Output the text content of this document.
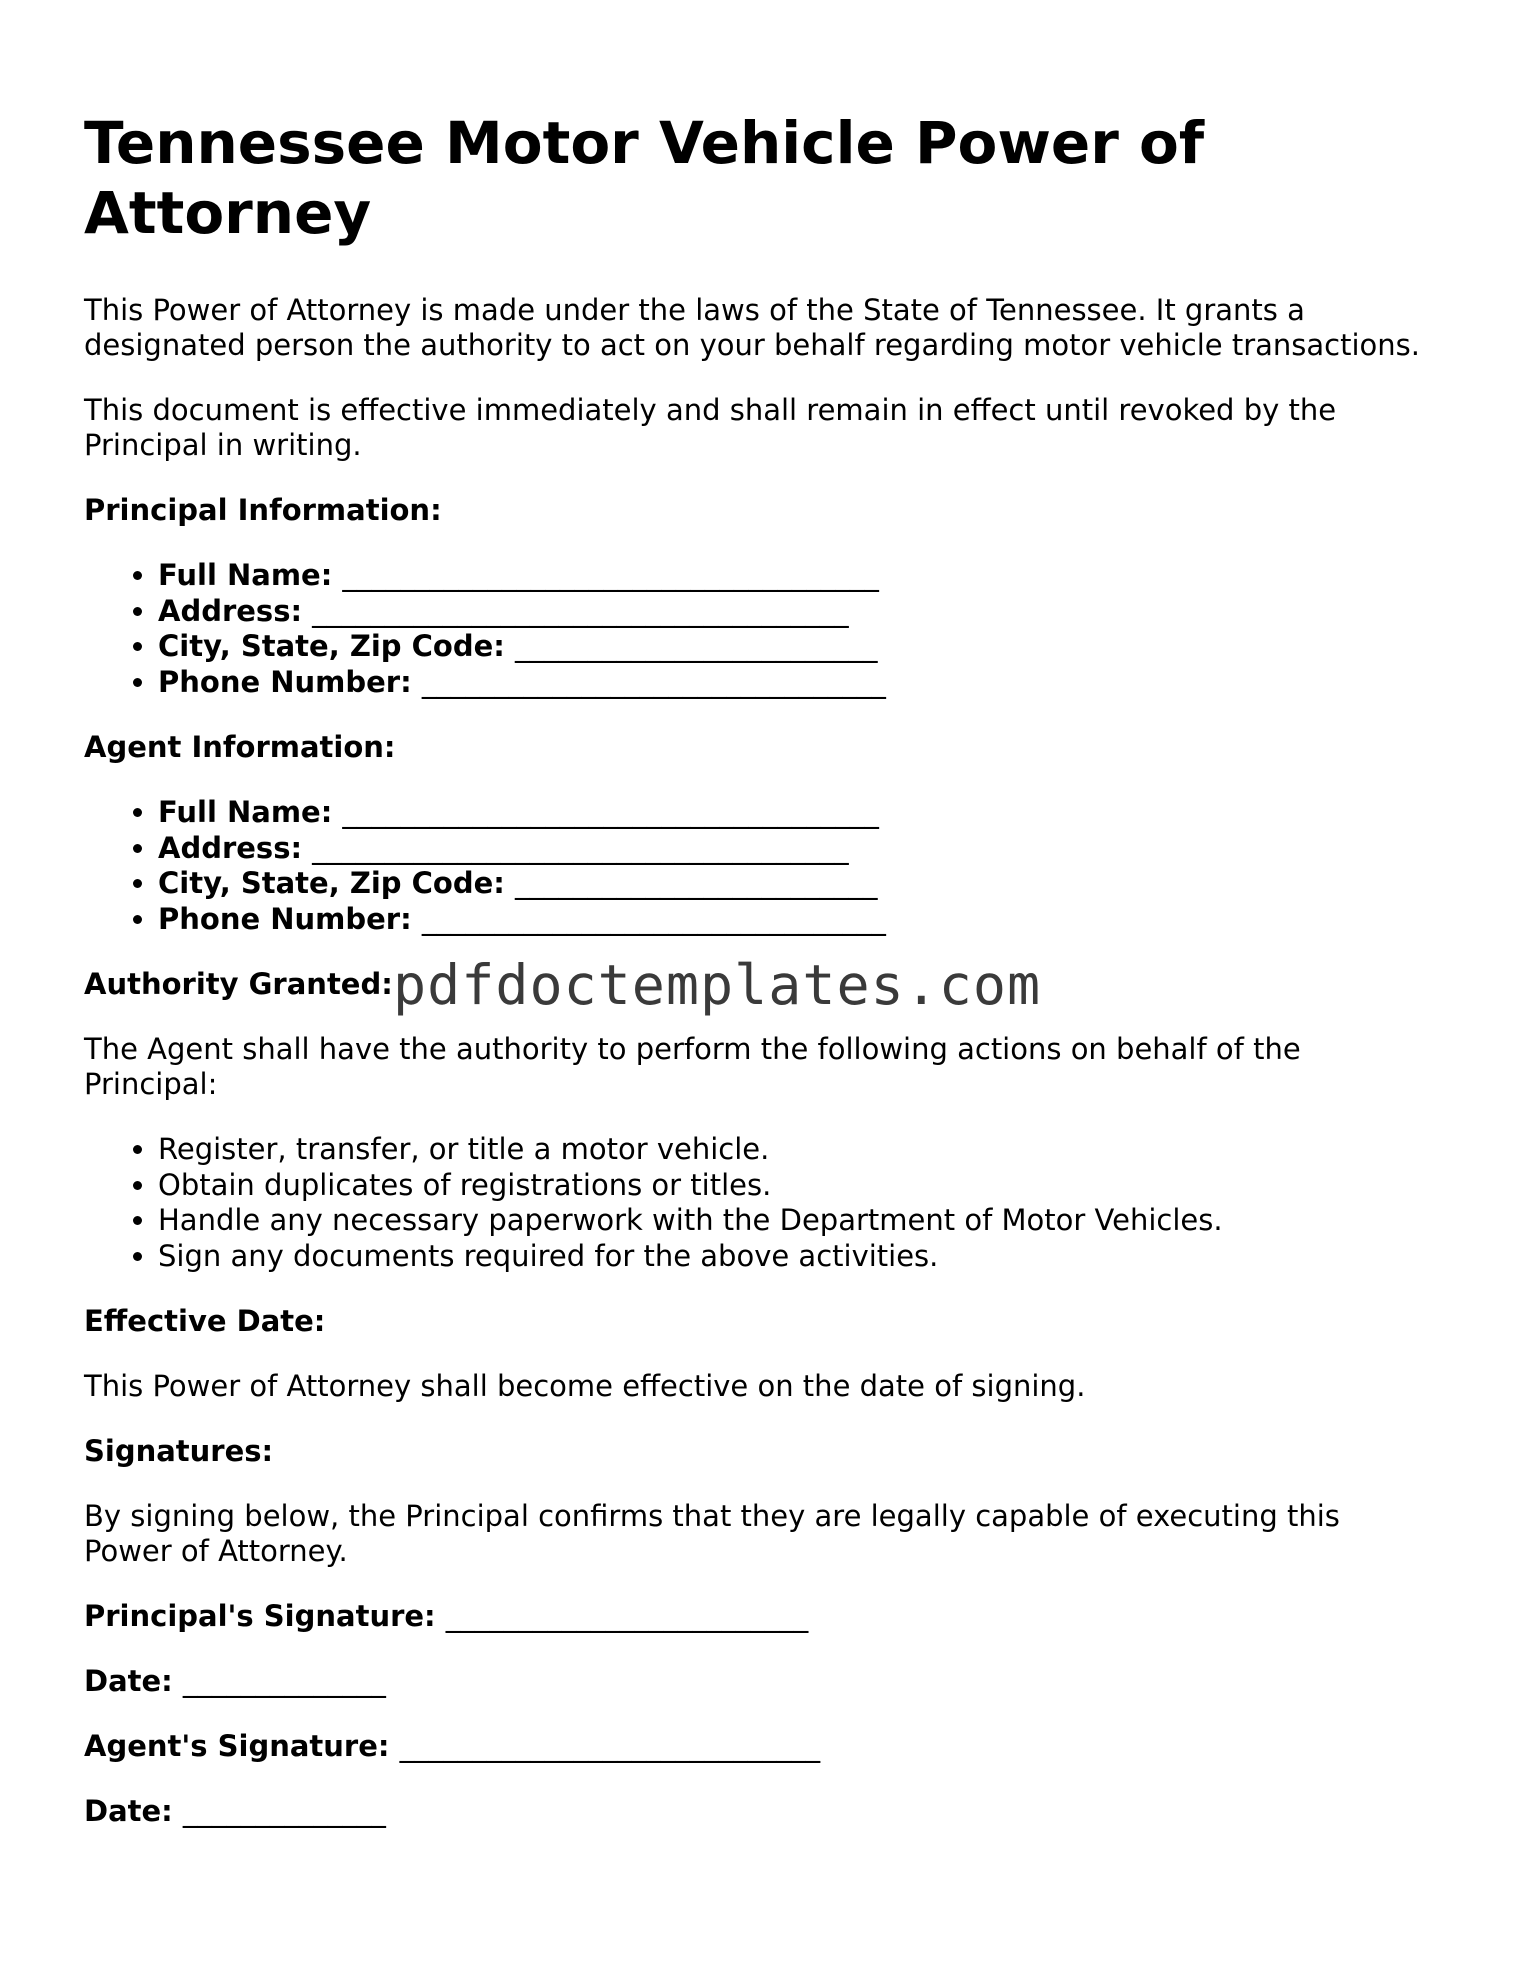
Tennessee Motor Vehicle Power of Attorney

This Power of Attorney is made under the laws of the State of Tennessee. It grants a designated person the authority to act on your behalf regarding motor vehicle transactions.

This document is effective immediately and shall remain in effect until revoked by the Principal in writing.

Principal Information:
• Full Name: _____________________________________
• Address: _____________________________________
• City, State, Zip Code: _________________________
• Phone Number: ________________________________
Agent Information:
• Full Name: _____________________________________
• Address: _____________________________________
• City, State, Zip Code: _________________________
• Phone Number: ________________________________
Authority Granted:

The Agent shall have the authority to perform the following actions on behalf of the Principal:

• Register, transfer, or title a motor vehicle.
• Obtain duplicates of registrations or titles.
• Handle any necessary paperwork with the Department of Motor Vehicles.
• Sign any documents required for the above activities.
Effective Date:

This Power of Attorney shall become effective on the date of signing.

Signatures:

By signing below, the Principal confirms that they are legally capable of executing this Power of Attorney.

Principal's Signature: _________________________
Date: ______________
Agent's Signature: _____________________________
Date: ______________
pdfdoctemplates.com
